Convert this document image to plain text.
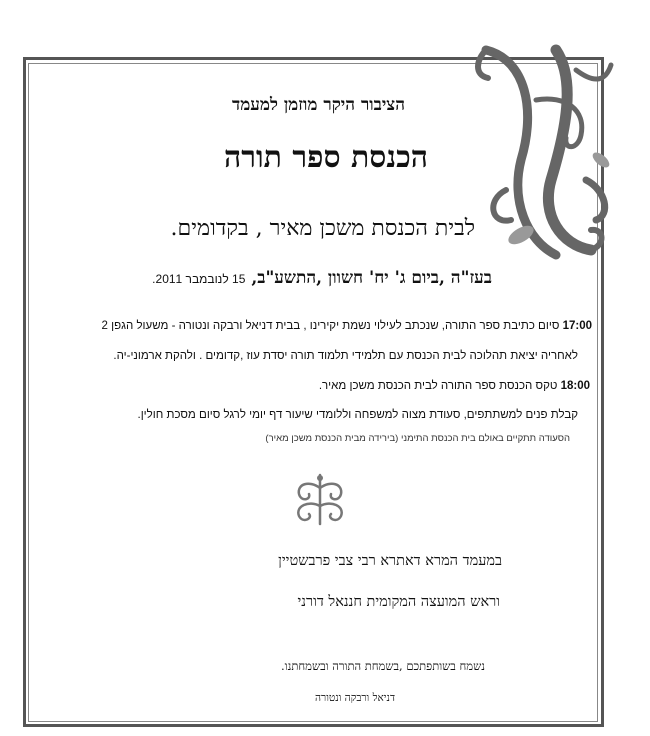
הציבור היקר מוזמן למעמד
הכנסת ספר תורה
לבית הכנסת משכן מאיר , בקדומים.
בעז"ה ,ביום ג' יח' חשוון ,התשע"ב, 15 לנובמבר 2011.
17:00 סיום כתיבת ספר התורה, שנכתב לעילוי נשמת יקירינו , בבית דניאל ורבקה ונטורה - משעול הגפן 2
לאחריה יציאת תהלוכה לבית הכנסת עם תלמידי תלמוד תורה יסדת עוז ,קדומים . ולהקת ארמוני-יה.
18:00 טקס הכנסת ספר התורה לבית הכנסת משכן מאיר.
קבלת פנים למשתתפים, סעודת מצוה למשפחה וללומדי שיעור דף יומי לרגל סיום מסכת חולין.
הסעודה תתקיים באולם בית הכנסת התימני (בירידה מבית הכנסת משכן מאיר)
במעמד המרא דאתרא רבי צבי פרבשטיין
וראש המועצה המקומית חננאל דורני
נשמח בשותפתכם ,בשמחת התורה ובשמחתנו.
דניאל ורבקה ונטורה
